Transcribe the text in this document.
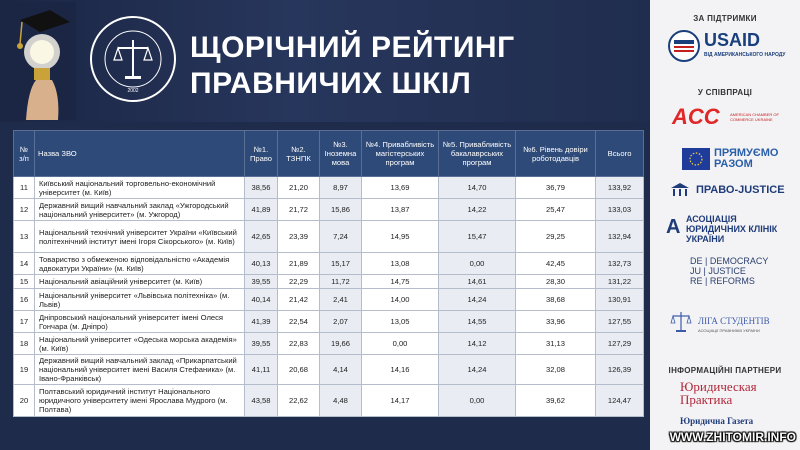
2002
ЩОРІЧНИЙ РЕЙТИНГ
ПРАВНИЧИХ ШКІЛ
№ з/п	Назва ЗВО	№1. Право	№2. ТЗНПК	№3. Іноземна мова	№4. Привабливість магістерських програм	№5. Привабливість бакалаврських програм	№6. Рівень довіри роботодавців	Всього
11	Київський національний торговельно-економічний університет (м. Київ)	38,56	21,20	8,97	13,69	14,70	36,79	133,92
12	Державний вищий навчальний заклад «Ужгородський національний університет» (м. Ужгород)	41,89	21,72	15,86	13,87	14,22	25,47	133,03
13	Національний технічний університет України «Київський політехнічний інститут імені Ігоря Сікорського» (м. Київ)	42,65	23,39	7,24	14,95	15,47	29,25	132,94
14	Товариство з обмеженою відповідальністю «Академія адвокатури України» (м. Київ)	40,13	21,89	15,17	13,08	0,00	42,45	132,73
15	Національний авіаційний університет (м. Київ)	39,55	22,29	11,72	14,75	14,61	28,30	131,22
16	Національний університет «Львівська політехніка» (м. Львів)	40,14	21,42	2,41	14,00	14,24	38,68	130,91
17	Дніпровський національний університет імені Олеся Гончара (м. Дніпро)	41,39	22,54	2,07	13,05	14,55	33,96	127,55
18	Національний університет «Одеська морська академія» (м. Київ)	39,55	22,83	19,66	0,00	14,12	31,13	127,29
19	Державний вищий навчальний заклад «Прикарпатський національний університет імені Василя Стефаника» (м. Івано-Франківськ)	41,11	20,68	4,14	14,16	14,24	32,08	126,39
20	Полтавський юридичний інститут Національного юридичного університету імені Ярослава Мудрого (м. Полтава)	43,58	22,62	4,48	14,17	0,00	39,62	124,47
ЗА ПІДТРИМКИ
USAID
ВІД АМЕРИКАНСЬКОГО НАРОДУ
У СПІВПРАЦІ
ACC	AMERICAN CHAMBER OF COMMERCE UKRAINE
ПРЯМУЄМО
РАЗОМ
ПРАВО-JUSTICE
A АСОЦІАЦІЯ
ЮРИДИЧНИХ КЛІНІК
УКРАЇНИ
DE | DEMOCRACY
JU | JUSTICE
RE | REFORMS
ЛІГА СТУДЕНТІВ
АСОЦІАЦІЇ ПРАВНИКІВ УКРАЇНИ
ІНФОРМАЦІЙНІ ПАРТНЕРИ
Юридическая
Практика
Юридична Газета
WWW.ZHITOMIR.INFO
